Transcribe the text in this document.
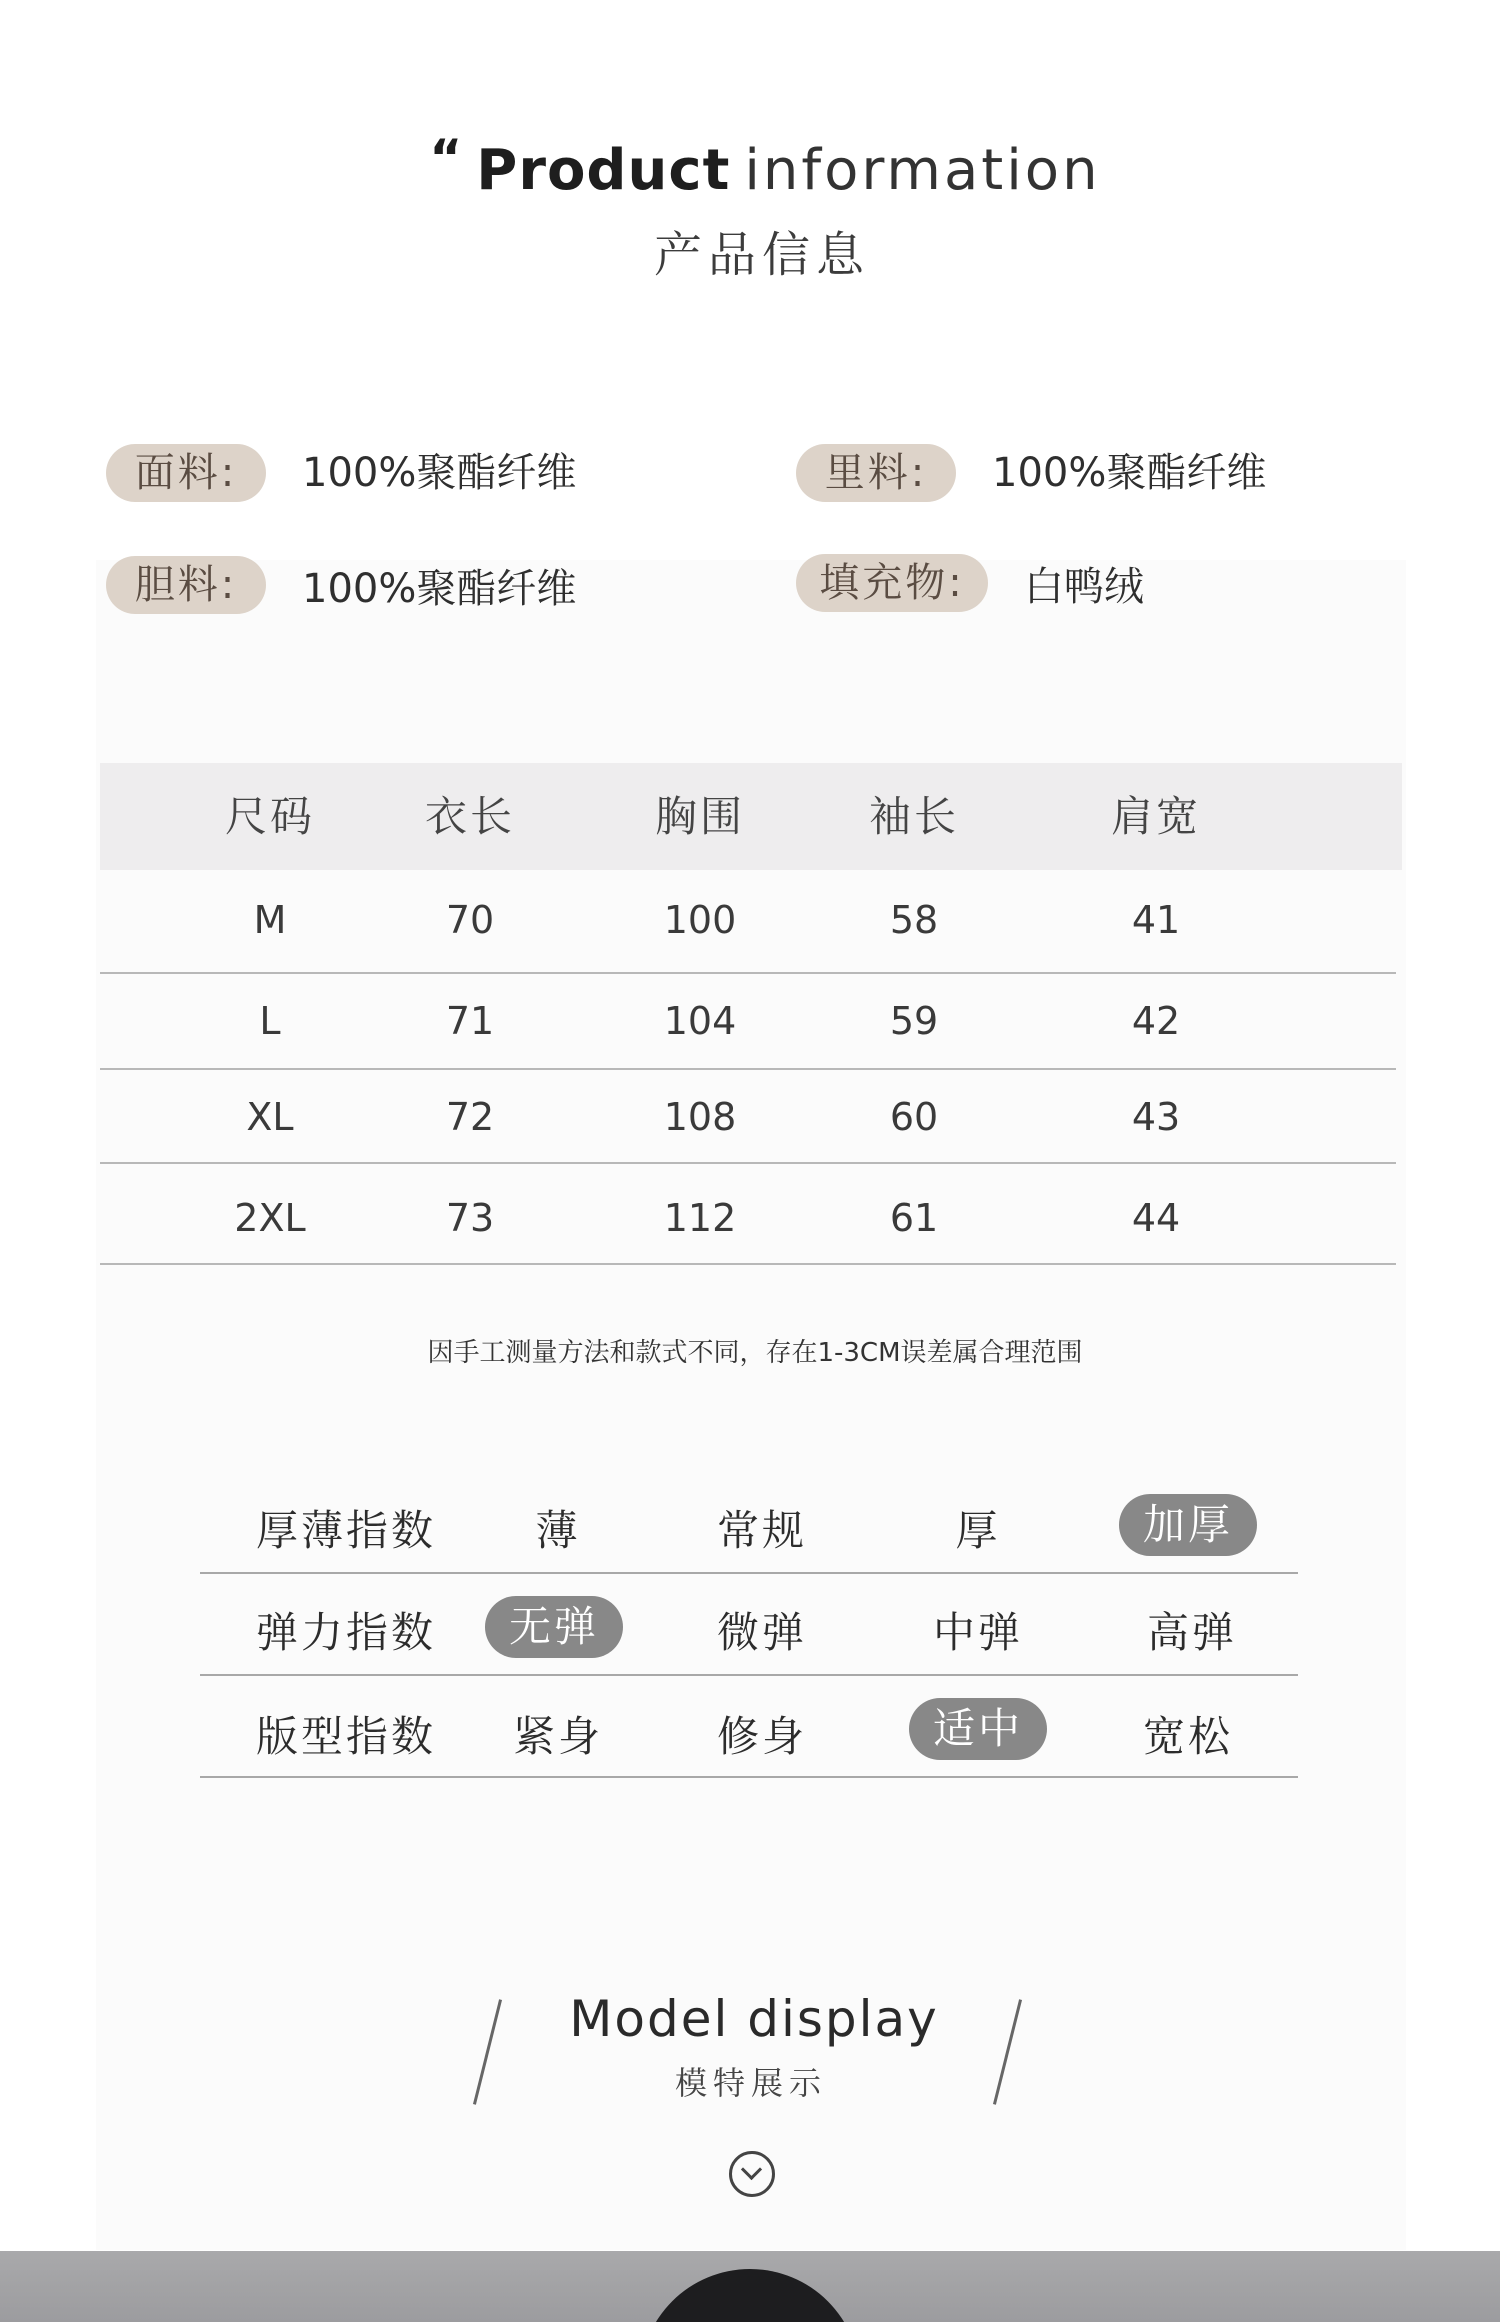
“ Product information
产品信息
面料:	100%聚酯纤维	里料:	100%聚酯纤维
胆料:	100%聚酯纤维	填充物:	白鸭绒
尺码	衣长	胸围	袖长	肩宽
M	70	100	58	41
L	71	104	59	42
XL	72	108	60	43
2XL	73	112	61	44
因手工测量方法和款式不同，存在1-3CM误差属合理范围
厚薄指数 薄	常规	厚	加厚
弹力指数	无弹	微弹	中弹	高弹
版型指数 紧身	修身	适中	宽松
Model display
模特展示
